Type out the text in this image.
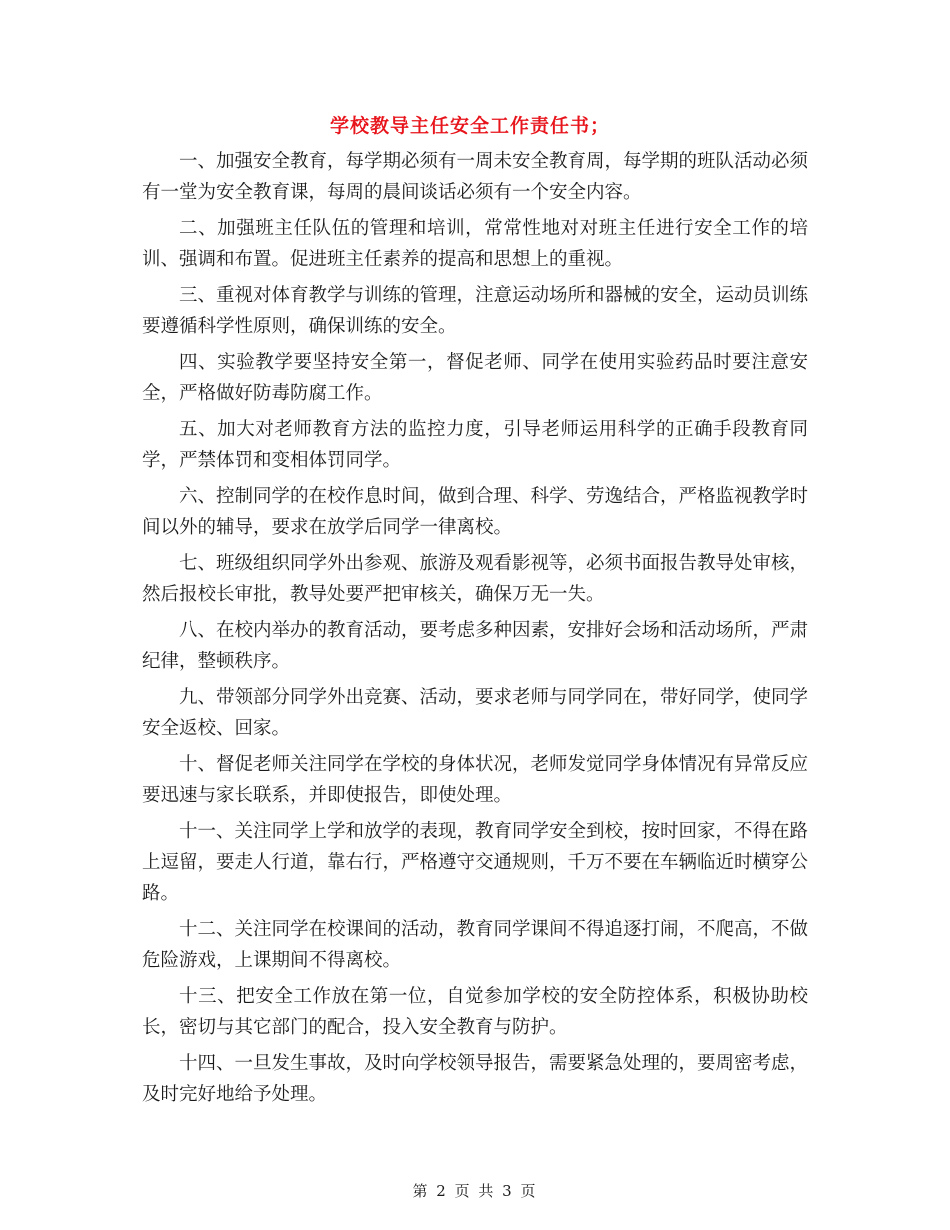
学校教导主任安全工作责任书；

一、加强安全教育，每学期必须有一周未安全教育周，每学期的班队活动必须有一堂为安全教育课，每周的晨间谈话必须有一个安全内容。

二、加强班主任队伍的管理和培训，常常性地对对班主任进行安全工作的培训、强调和布置。促进班主任素养的提高和思想上的重视。

三、重视对体育教学与训练的管理，注意运动场所和器械的安全，运动员训练要遵循科学性原则，确保训练的安全。

四、实验教学要坚持安全第一，督促老师、同学在使用实验药品时要注意安全，严格做好防毒防腐工作。

五、加大对老师教育方法的监控力度，引导老师运用科学的正确手段教育同学，严禁体罚和变相体罚同学。

六、控制同学的在校作息时间，做到合理、科学、劳逸结合，严格监视教学时间以外的辅导，要求在放学后同学一律离校。

七、班级组织同学外出参观、旅游及观看影视等，必须书面报告教导处审核，然后报校长审批，教导处要严把审核关，确保万无一失。

八、在校内举办的教育活动，要考虑多种因素，安排好会场和活动场所，严肃纪律，整顿秩序。

九、带领部分同学外出竞赛、活动，要求老师与同学同在，带好同学，使同学安全返校、回家。

十、督促老师关注同学在学校的身体状况，老师发觉同学身体情况有异常反应要迅速与家长联系，并即使报告，即使处理。

十一、关注同学上学和放学的表现，教育同学安全到校，按时回家，不得在路上逗留，要走人行道，靠右行，严格遵守交通规则，千万不要在车辆临近时横穿公路。

十二、关注同学在校课间的活动，教育同学课间不得追逐打闹，不爬高，不做危险游戏，上课期间不得离校。

十三、把安全工作放在第一位，自觉参加学校的安全防控体系，积极协助校长，密切与其它部门的配合，投入安全教育与防护。

十四、一旦发生事故，及时向学校领导报告，需要紧急处理的，要周密考虑，及时完好地给予处理。

第 2 页 共 3 页
